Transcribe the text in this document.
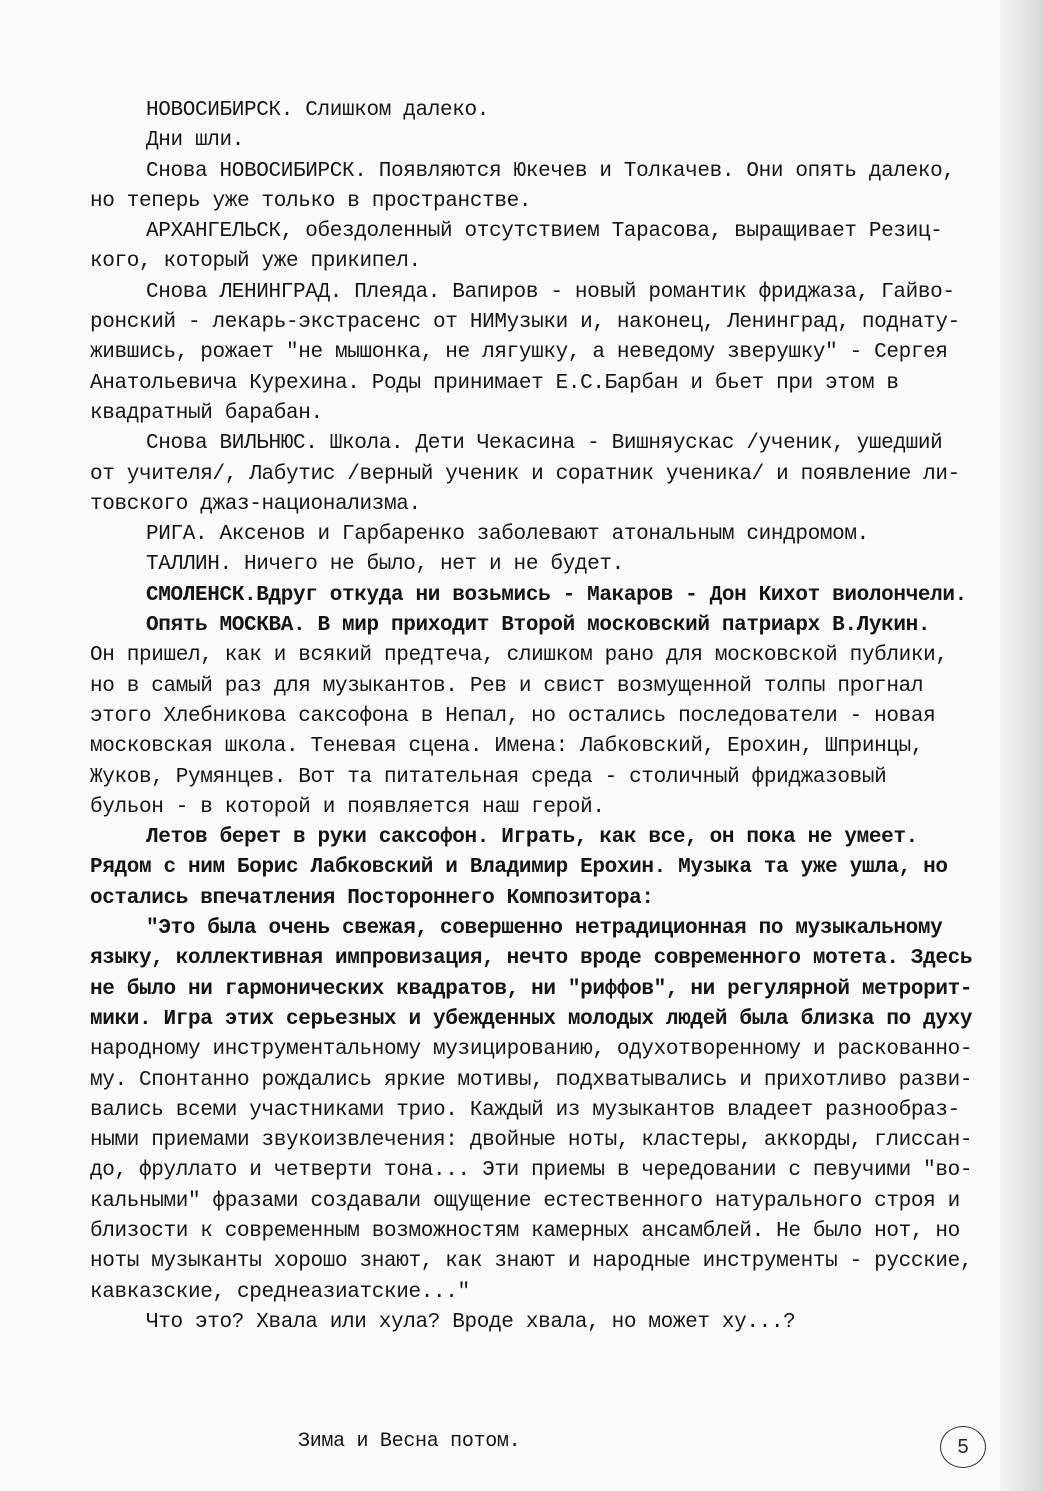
НОВОСИБИРСК. Слишком далеко.

Дни шли.

Снова НОВОСИБИРСК. Появляются Юкечев и Толкачев. Они опять далеко,

но теперь уже только в пространстве.

АРХАНГЕЛЬСК, обездоленный отсутствием Тарасова, выращивает Резиц-

кого, который уже прикипел.

Снова ЛЕНИНГРАД. Плеяда. Вапиров - новый романтик фриджаза, Гайво-

ронский - лекарь-экстрасенс от НИМузыки и, наконец, Ленинград, поднату-

жившись, рожает "не мышонка, не лягушку, а неведому зверушку" - Сергея

Анатольевича Курехина. Роды принимает Е.С.Барбан и бьет при этом в

квадратный барабан.

Снова ВИЛЬНЮС. Школа. Дети Чекасина - Вишняускас /ученик, ушедший

от учителя/, Лабутис /верный ученик и соратник ученика/ и появление ли-

товского джаз-национализма.

РИГА. Аксенов и Гарбаренко заболевают атональным синдромом.

ТАЛЛИН. Ничего не было, нет и не будет.

СМОЛЕНСК.Вдруг откуда ни возьмись - Макаров - Дон Кихот виолончели.

Опять МОСКВА. В мир приходит Второй московский патриарх В.Лукин.

Он пришел, как и всякий предтеча, слишком рано для московской публики,

но в самый раз для музыкантов. Рев и свист возмущенной толпы прогнал

этого Хлебникова саксофона в Непал, но остались последователи - новая

московская школа. Теневая сцена. Имена: Лабковский, Ерохин, Шпринцы,

Жуков, Румянцев. Вот та питательная среда - столичный фриджазовый

бульон - в которой и появляется наш герой.

Летов берет в руки саксофон. Играть, как все, он пока не умеет.

Рядом с ним Борис Лабковский и Владимир Ерохин. Музыка та уже ушла, но

остались впечатления Постороннего Композитора:

"Это была очень свежая, совершенно нетрадиционная по музыкальному

языку, коллективная импровизация, нечто вроде современного мотета. Здесь

не было ни гармонических квадратов, ни "риффов", ни регулярной метрорит-

мики. Игра этих серьезных и убежденных молодых людей была близка по духу

народному инструментальному музицированию, одухотворенному и раскованно-

му. Спонтанно рождались яркие мотивы, подхватывались и прихотливо разви-

вались всеми участниками трио. Каждый из музыкантов владеет разнообраз-

ными приемами звукоизвлечения: двойные ноты, кластеры, аккорды, глиссан-

до, фруллато и четверти тона... Эти приемы в чередовании с певучими "во-

кальными" фразами создавали ощущение естественного натурального строя и

близости к современным возможностям камерных ансамблей. Не было нот, но

ноты музыканты хорошо знают, как знают и народные инструменты - русские,

кавказские, среднеазиатские..."

Что это? Хвала или хула? Вроде хвала, но может ху...?

Зима и Весна потом.	5
